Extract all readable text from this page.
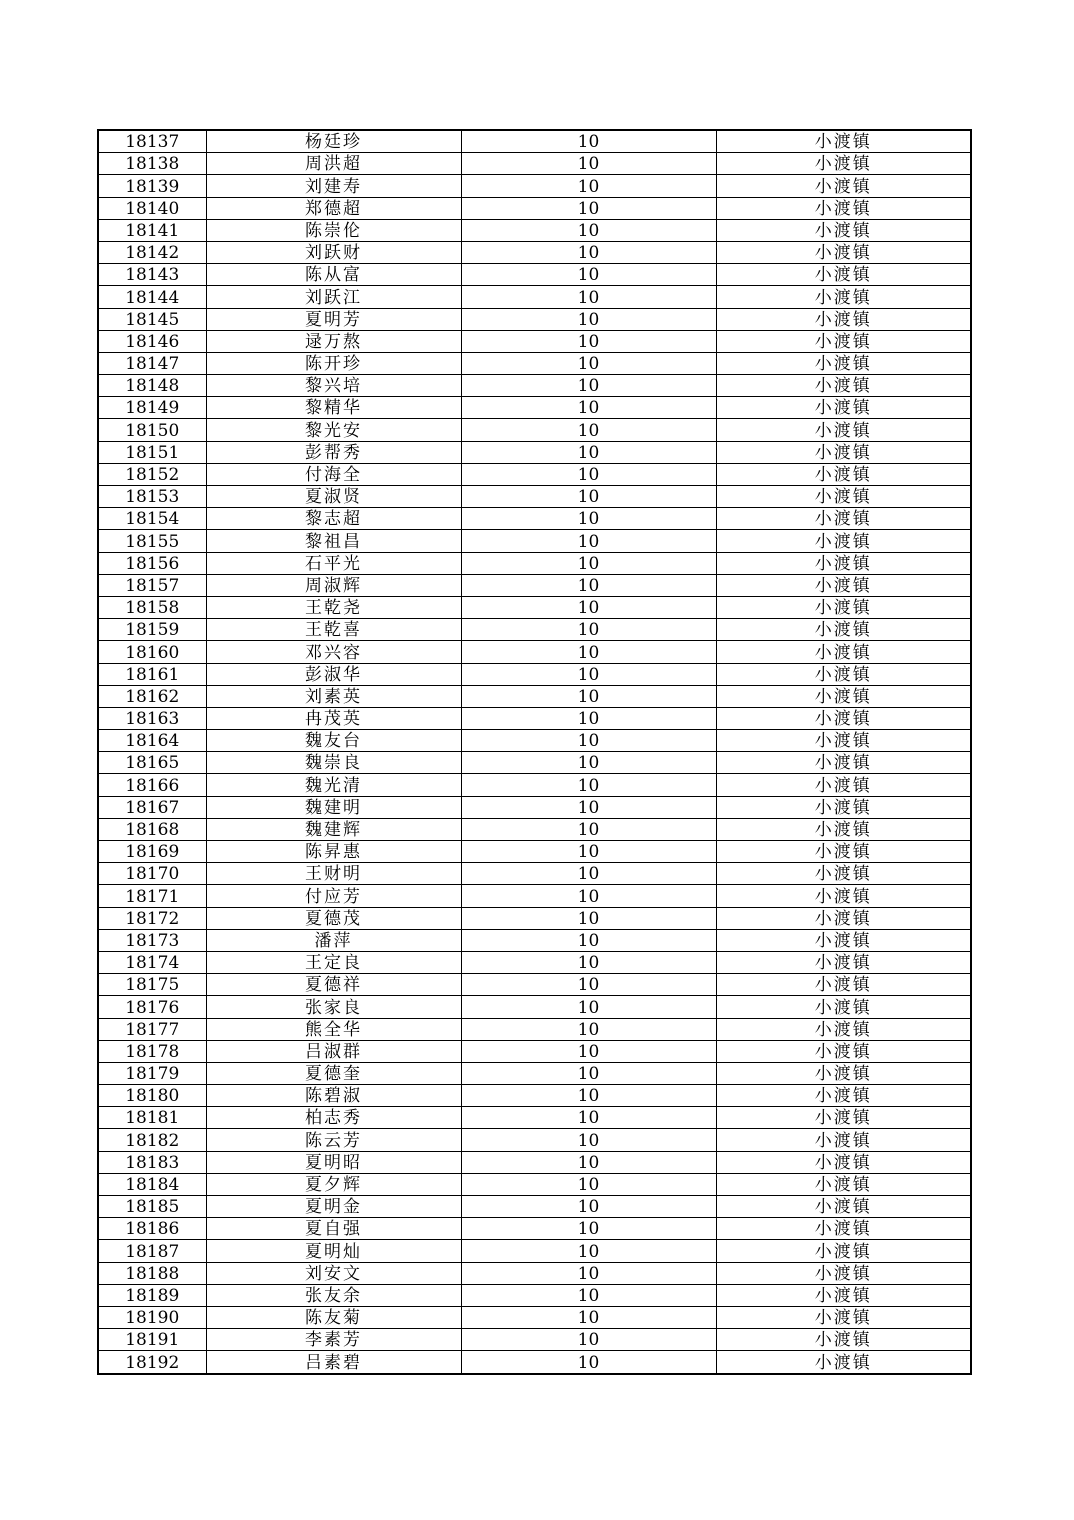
18137	杨廷珍	10	小渡镇
18138	周洪超	10	小渡镇
18139	刘建寿	10	小渡镇
18140	郑德超	10	小渡镇
18141	陈崇伦	10	小渡镇
18142	刘跃财	10	小渡镇
18143	陈从富	10	小渡镇
18144	刘跃江	10	小渡镇
18145	夏明芳	10	小渡镇
18146	逯万熬	10	小渡镇
18147	陈开珍	10	小渡镇
18148	黎兴培	10	小渡镇
18149	黎精华	10	小渡镇
18150	黎光安	10	小渡镇
18151	彭帮秀	10	小渡镇
18152	付海全	10	小渡镇
18153	夏淑贤	10	小渡镇
18154	黎志超	10	小渡镇
18155	黎祖昌	10	小渡镇
18156	石平光	10	小渡镇
18157	周淑辉	10	小渡镇
18158	王乾尧	10	小渡镇
18159	王乾喜	10	小渡镇
18160	邓兴容	10	小渡镇
18161	彭淑华	10	小渡镇
18162	刘素英	10	小渡镇
18163	冉茂英	10	小渡镇
18164	魏友台	10	小渡镇
18165	魏崇良	10	小渡镇
18166	魏光清	10	小渡镇
18167	魏建明	10	小渡镇
18168	魏建辉	10	小渡镇
18169	陈昇惠	10	小渡镇
18170	王财明	10	小渡镇
18171	付应芳	10	小渡镇
18172	夏德茂	10	小渡镇
18173	潘萍	10	小渡镇
18174	王定良	10	小渡镇
18175	夏德祥	10	小渡镇
18176	张家良	10	小渡镇
18177	熊全华	10	小渡镇
18178	吕淑群	10	小渡镇
18179	夏德奎	10	小渡镇
18180	陈碧淑	10	小渡镇
18181	柏志秀	10	小渡镇
18182	陈云芳	10	小渡镇
18183	夏明昭	10	小渡镇
18184	夏夕辉	10	小渡镇
18185	夏明金	10	小渡镇
18186	夏自强	10	小渡镇
18187	夏明灿	10	小渡镇
18188	刘安文	10	小渡镇
18189	张友余	10	小渡镇
18190	陈友菊	10	小渡镇
18191	李素芳	10	小渡镇
18192	吕素碧	10	小渡镇
